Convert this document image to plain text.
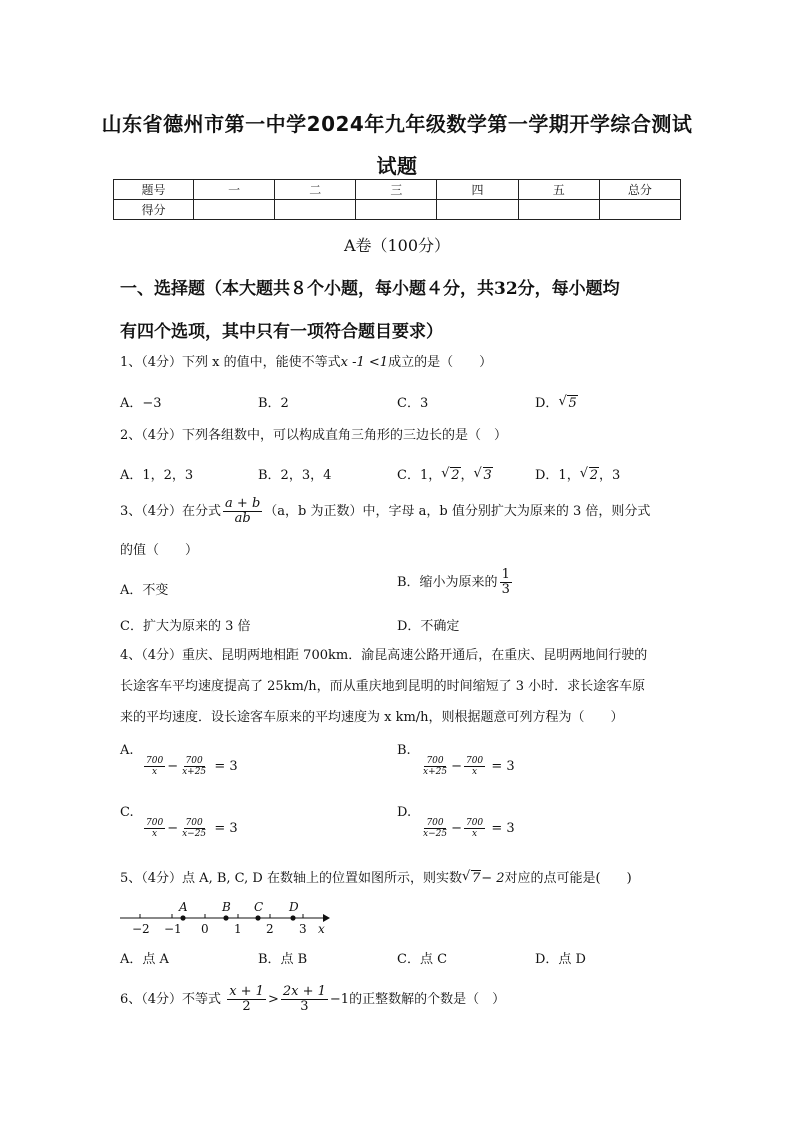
山东省德州市第一中学2024年九年级数学第一学期开学综合测试
试题
题号	一	二	三	四	五	总分
得分						
A卷（100分）
一、选择题（本大题共８个小题，每小题４分，共32分，每小题均
有四个选项，其中只有一项符合题目要求）
1、（4分）下列 x 的值中，能使不等式x -1 <1成立的是（　　）
A．−3	B．2	C．3	D． √ 5
2、（4分）下列各组数中，可以构成直角三角形的三边长的是（　）
A．1，2，3	B．2，3，4	C．1， √ 2， √ 3	D．1， √ 2，3
3、（4分）在分式 $\frac{a + b}{ab} (a$，b 为正数）中，字母 a，b 值分别扩大为原来的 3 倍，则分式
的值（　　）
A．不变
B．缩小为原来的 $\frac{1}{3}$
C．扩大为原来的 3 倍	D．不确定
4、（4分）重庆、昆明两地相距 700km．渝昆高速公路开通后，在重庆、昆明两地间行驶的
长途客车平均速度提高了 25km/h，而从重庆地到昆明的时间缩短了 3 小时．求长途客车原
来的平均速度．设长途客车原来的平均速度为 x km/h，则根据题意可列方程为（　　）
A.
$\frac{700}{x} - \frac{700}{x+25} = 3$
B.
$\frac{700}{x+25} - \frac{700}{x} = 3$
C.
$\frac{700}{x} - \frac{700}{x-25} = 3$
D.
$\frac{700}{x-25} - \frac{700}{x} = 3$
5、（4分）点 A, B, C, D 在数轴上的位置如图所示，则实数 √ 7− 2对应的点可能是(　　)
−2 −1 0 1 2 3 x
A	B C D
A．点 A	B．点 B	C．点 C	D．点 D
6、（4分）不等式 $\frac{x + 1}{2} > \frac{2x + 1}{3} -1$的正整数解的个数是（　）
